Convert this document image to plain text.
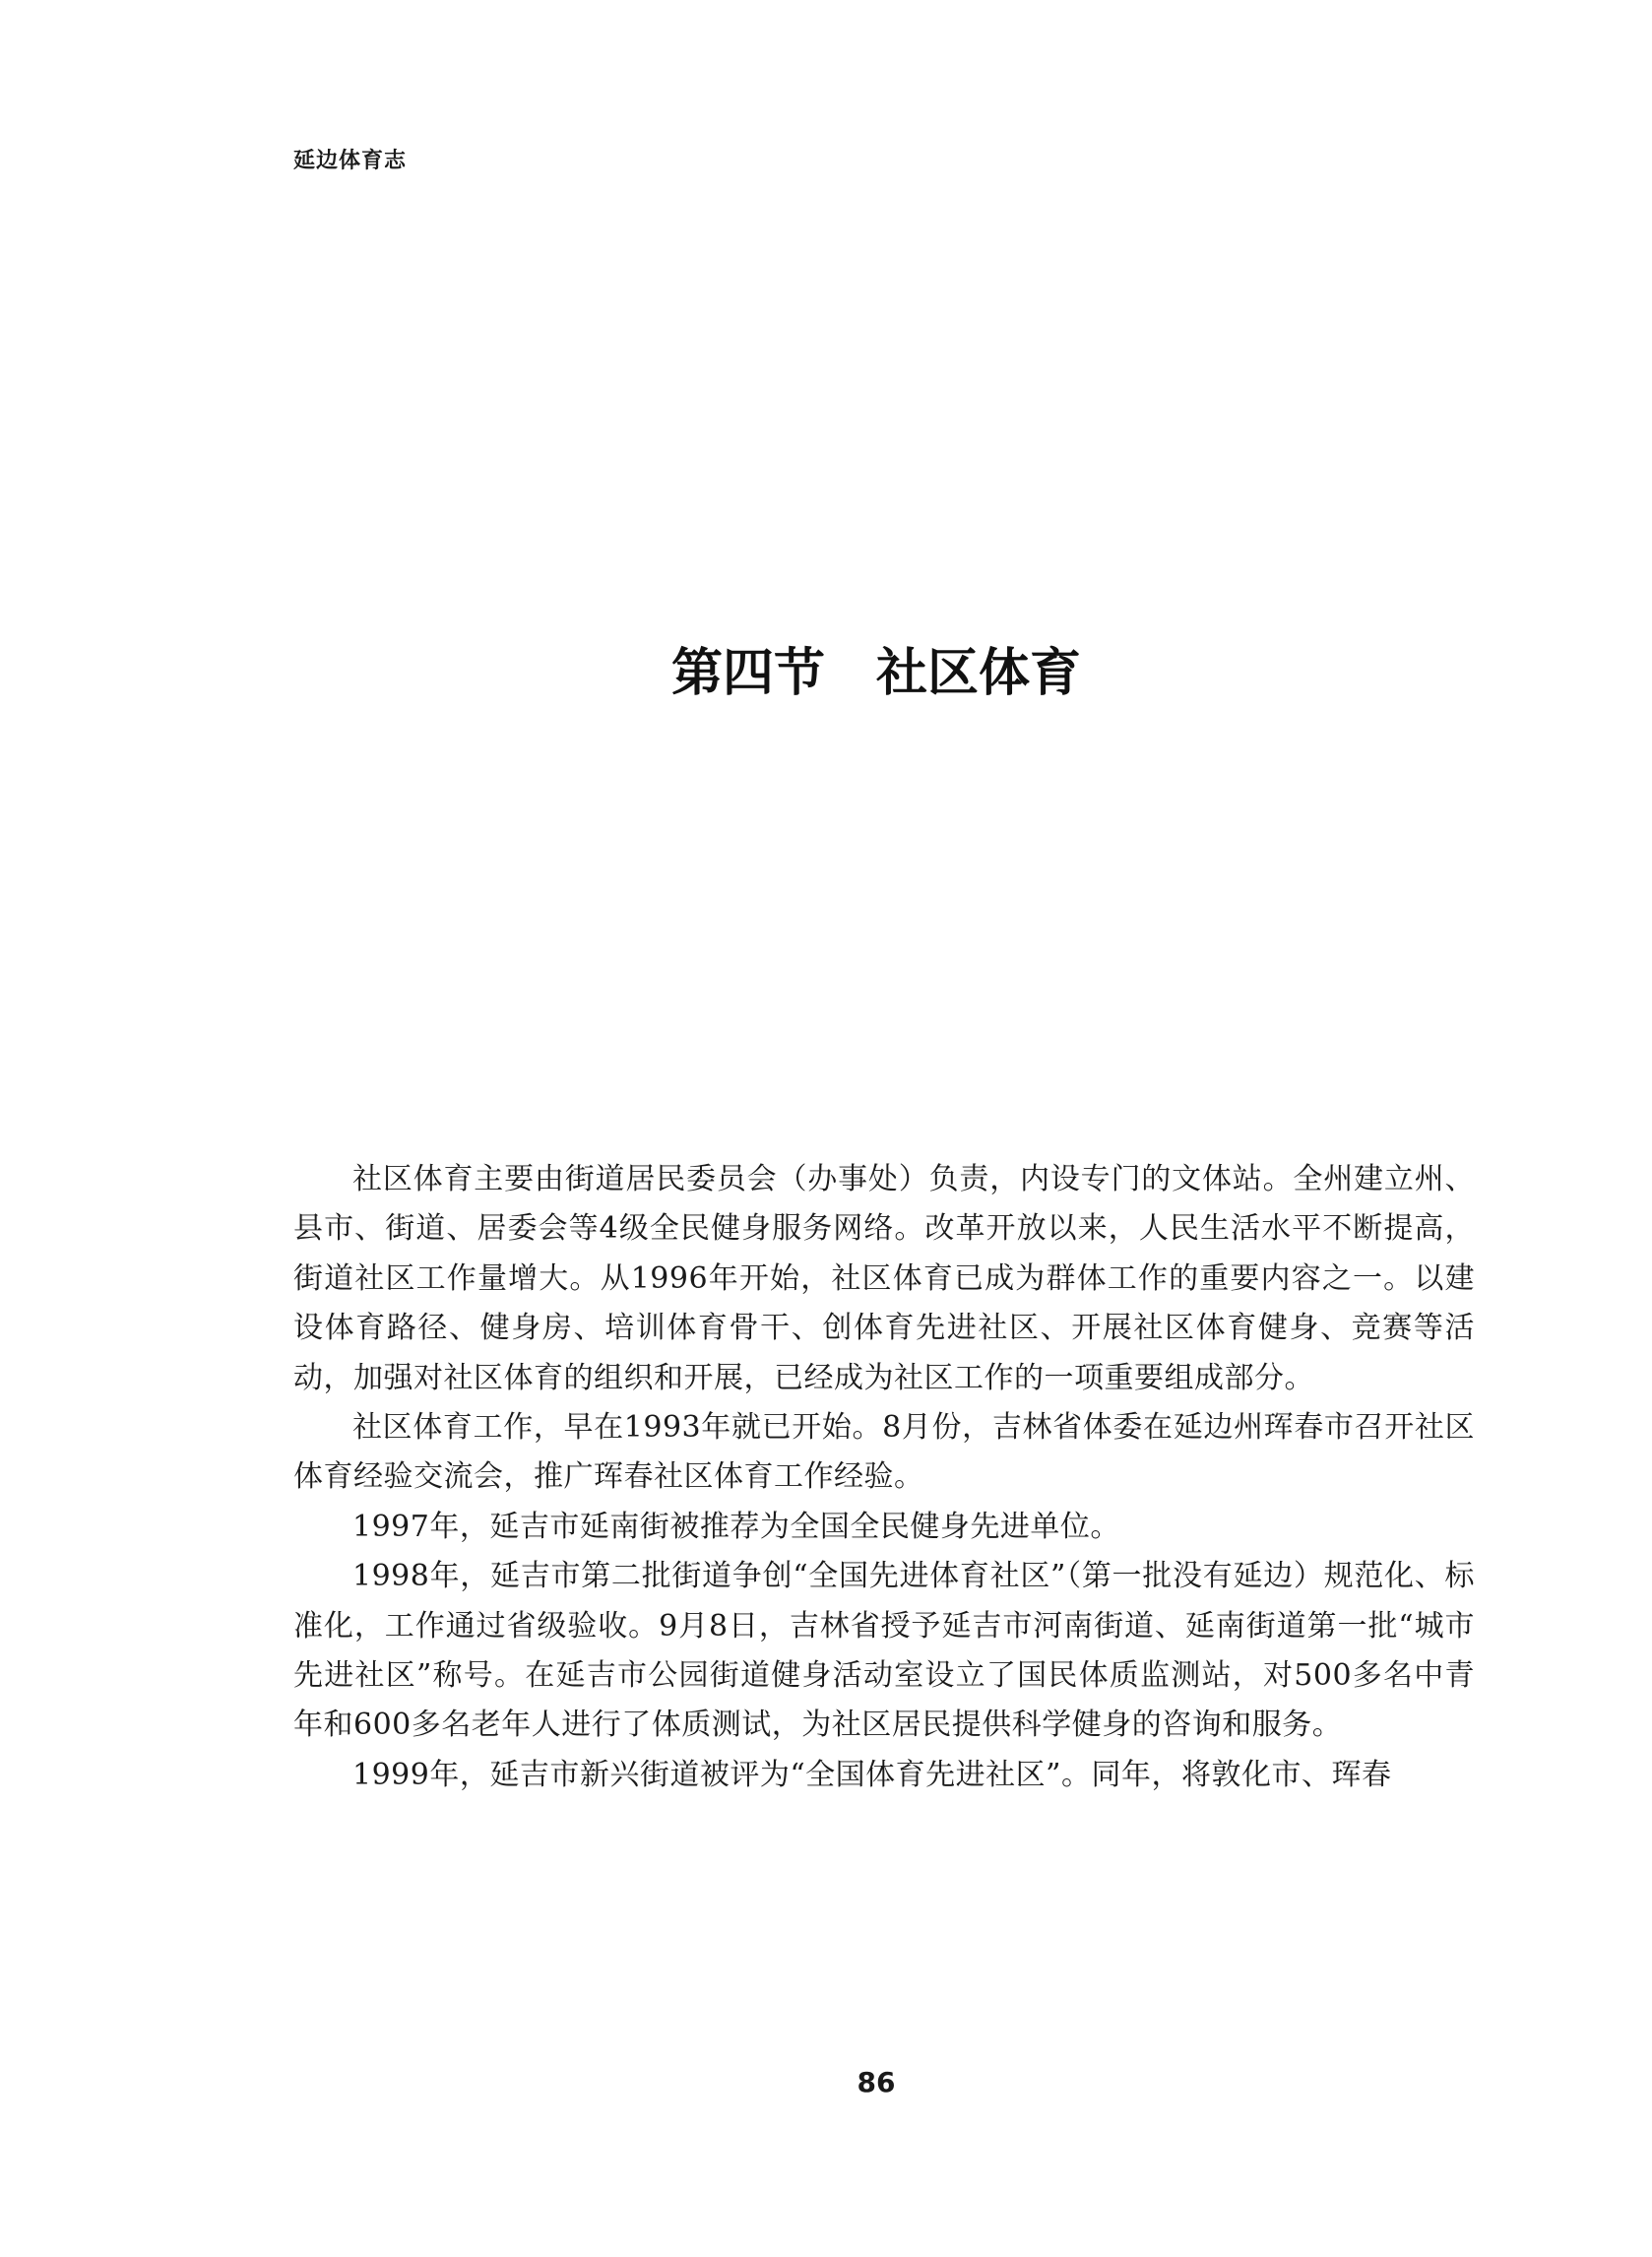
延边体育志

第四节　社区体育

社区体育主要由街道居民委员会（办事处）负责，内设专门的文体站。全州建立州、县市、街道、居委会等4级全民健身服务网络。改革开放以来，人民生活水平不断提高，街道社区工作量增大。从1996年开始，社区体育已成为群体工作的重要内容之一。以建设体育路径、健身房、培训体育骨干、创体育先进社区、开展社区体育健身、竞赛等活动，加强对社区体育的组织和开展，已经成为社区工作的一项重要组成部分。

社区体育工作，早在1993年就已开始。8月份，吉林省体委在延边州珲春市召开社区体育经验交流会，推广珲春社区体育工作经验。

1997年，延吉市延南街被推荐为全国全民健身先进单位。

1998年，延吉市第二批街道争创“全国先进体育社区”（第一批没有延边）规范化、标准化，工作通过省级验收。9月8日，吉林省授予延吉市河南街道、延南街道第一批“城市先进社区”称号。在延吉市公园街道健身活动室设立了国民体质监测站，对500多名中青年和600多名老年人进行了体质测试，为社区居民提供科学健身的咨询和服务。

1999年，延吉市新兴街道被评为“全国体育先进社区”。同年，将敦化市、珲春

86
